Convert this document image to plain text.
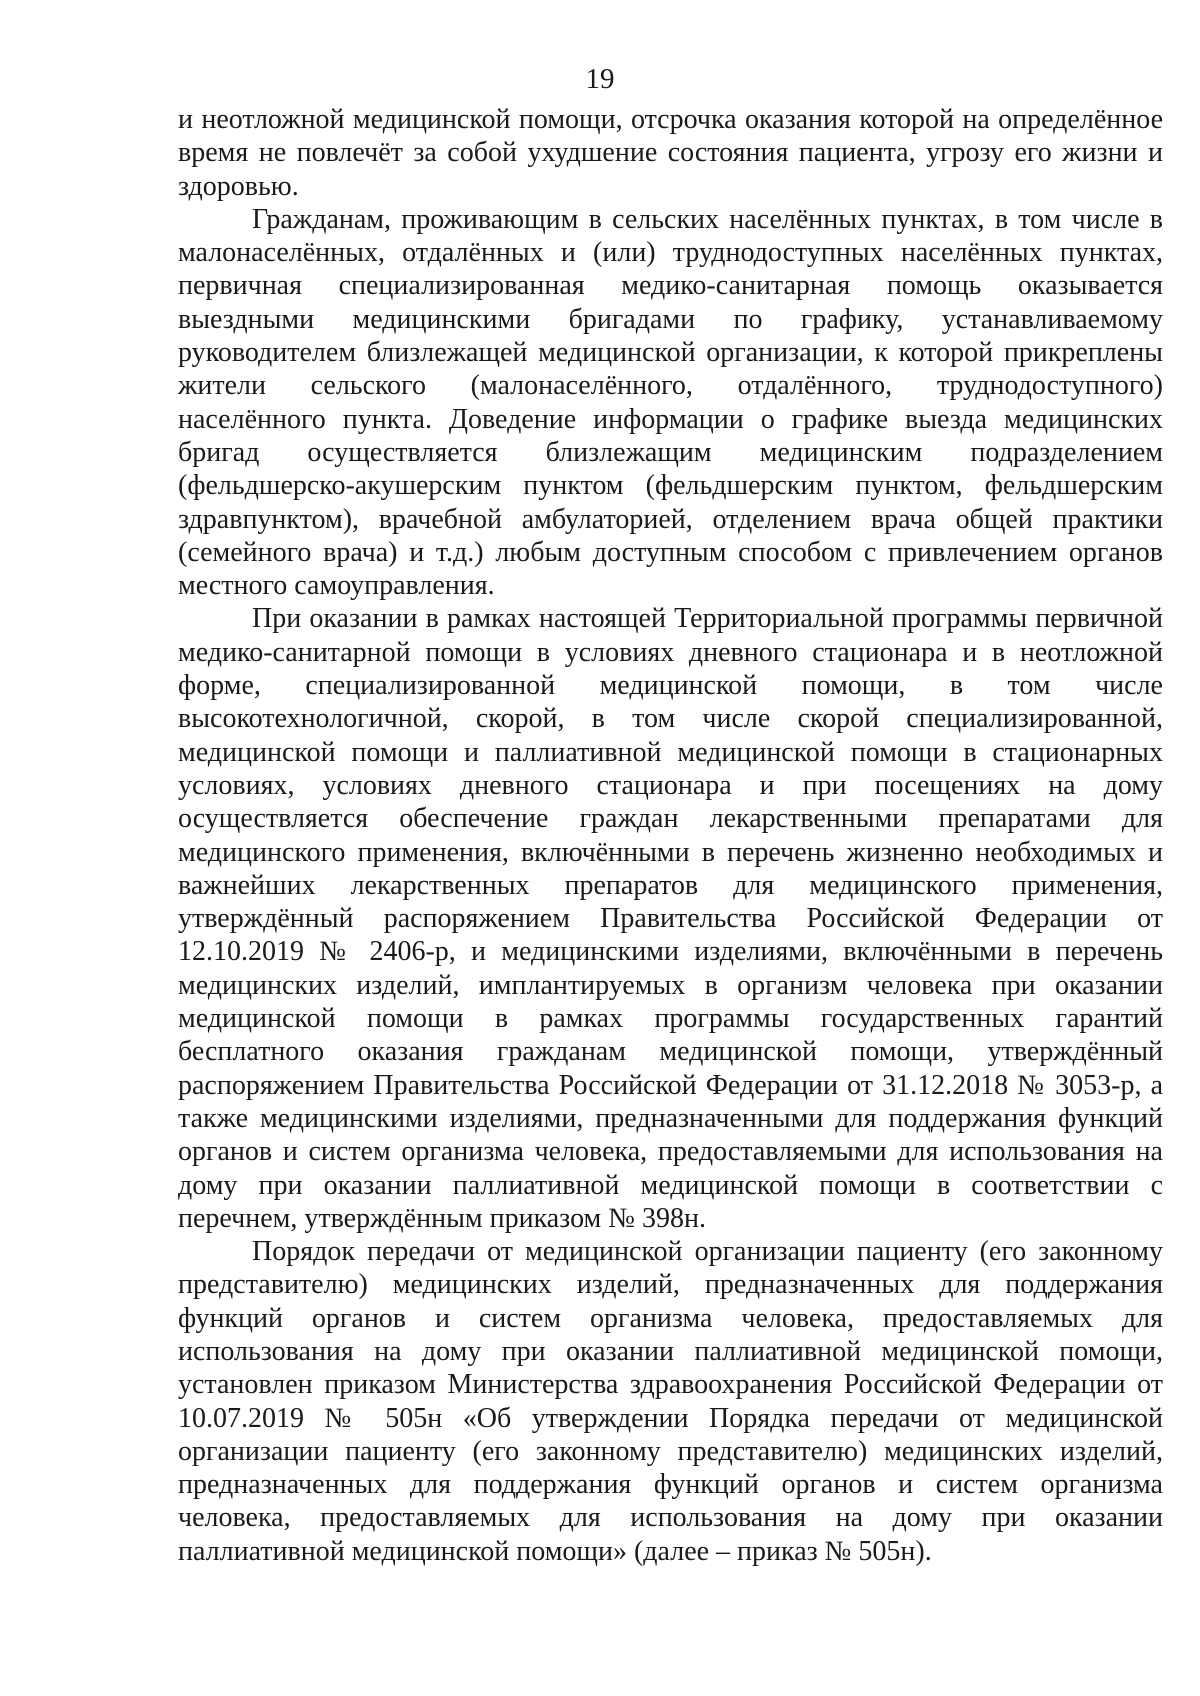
19

и неотложной медицинской помощи, отсрочка оказания которой на определённое время не повлечёт за собой ухудшение состояния пациента, угрозу его жизни и здоровью.

Гражданам, проживающим в сельских населённых пунктах, в том числе в малонаселённых, отдалённых и (или) труднодоступных населённых пунктах, первичная специализированная медико-санитарная помощь оказывается выездными медицинскими бригадами по графику, устанавливаемому руководителем близлежащей медицинской организации, к которой прикреплены жители сельского (малонаселённого, отдалённого, труднодоступного) населённого пункта. Доведение информации о графике выезда медицинских бригад осуществляется близлежащим медицинским подразделением (фельдшерско-акушерским пунктом (фельдшерским пунктом, фельдшерским здравпунктом), врачебной амбулаторией, отделением врача общей практики (семейного врача) и т.д.) любым доступным способом с привлечением органов местного самоуправления.

При оказании в рамках настоящей Территориальной программы первичной медико-санитарной помощи в условиях дневного стационара и в неотложной форме, специализированной медицинской помощи, в том числе высокотехнологичной, скорой, в том числе скорой специализированной, медицинской помощи и паллиативной медицинской помощи в стационарных условиях, условиях дневного стационара и при посещениях на дому осуществляется обеспечение граждан лекарственными препаратами для медицинского применения, включёнными в перечень жизненно необходимых и важнейших лекарственных препаратов для медицинского применения, утверждённый распоряжением Правительства Российской Федерации от 12.10.2019 № 2406-р, и медицинскими изделиями, включёнными в перечень медицинских изделий, имплантируемых в организм человека при оказании медицинской помощи в рамках программы государственных гарантий бесплатного оказания гражданам медицинской помощи, утверждённый распоряжением Правительства Российской Федерации от 31.12.2018 № 3053-р, а также медицинскими изделиями, предназначенными для поддержания функций органов и систем организма человека, предоставляемыми для использования на дому при оказании паллиативной медицинской помощи в соответствии с перечнем, утверждённым приказом № 398н.

Порядок передачи от медицинской организации пациенту (его законному представителю) медицинских изделий, предназначенных для поддержания функций органов и систем организма человека, предоставляемых для использования на дому при оказании паллиативной медицинской помощи, установлен приказом Министерства здравоохранения Российской Федерации от 10.07.2019 № 505н «Об утверждении Порядка передачи от медицинской организации пациенту (его законному представителю) медицинских изделий, предназначенных для поддержания функций органов и систем организма человека, предоставляемых для использования на дому при оказании паллиативной медицинской помощи» (далее – приказ № 505н).
